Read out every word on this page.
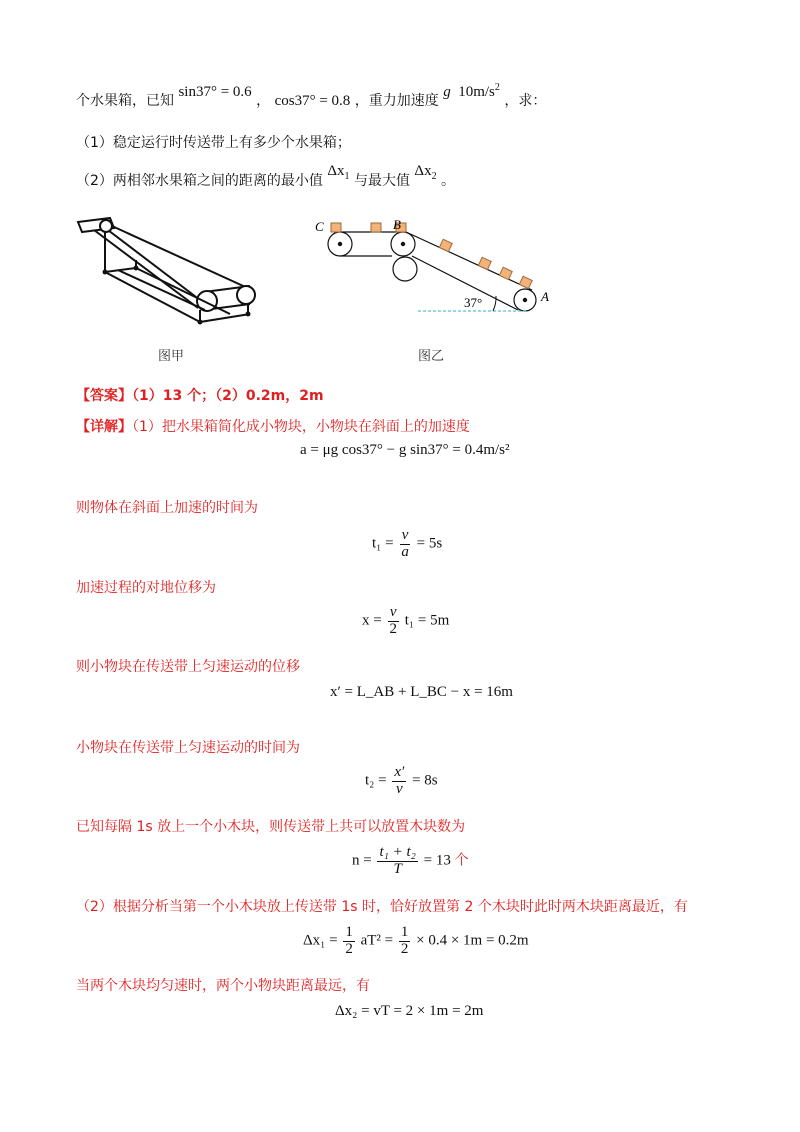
个水果箱，已知 sin37° = 0.6 ， cos37° = 0.8 ，重力加速度 g $10m/s^2$ ，求：
（1）稳定运行时传送带上有多少个水果箱；
（2）两相邻水果箱之间的距离的最小值 $\Delta x_1$ 与最大值 $\Delta x_2$ 。
图甲
C	B
A
37°
图乙
【答案】（1）13 个；（2）0.2m，2m
【详解】（1）把水果箱简化成小物块，小物块在斜面上的加速度
a = μg cos37° − g sin37° = 0.4m/s²
则物体在斜面上加速的时间为
$t_1 = \frac{v}{a} = 5s$
加速过程的对地位移为
$x = \frac{v}{2} t_1 = 5m$
则小物块在传送带上匀速运动的位移
x′ = L_AB + L_BC − x = 16m
小物块在传送带上匀速运动的时间为
$t_2 = \frac{x'}{v} = 8s$
已知每隔 1s 放上一个小木块，则传送带上共可以放置木块数为
$n = \frac{\text{t₁ + t₂}}{T} = 13$ 个
（2）根据分析当第一个小木块放上传送带 1s 时，恰好放置第 2 个木块时此时两木块距离最近，有
$\Delta x_1 = \frac{1}{2} aT^2 = \frac{1}{2} \times 0.4 \times 1m = 0.2m$
当两个木块均匀速时，两个小物块距离最远，有
Δx₂ = vT = 2 × 1m = 2m
